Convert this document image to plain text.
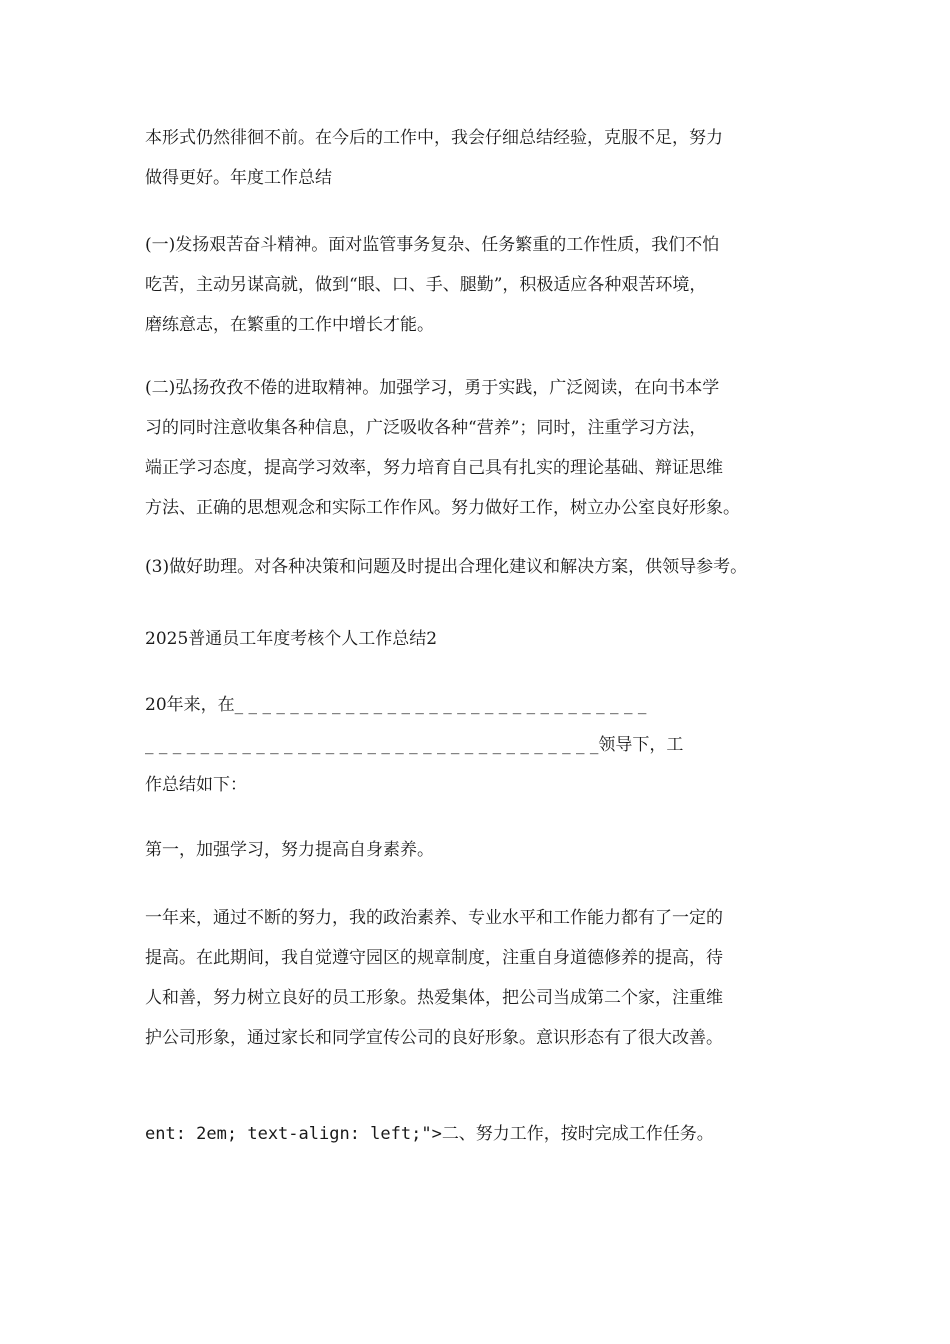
本形式仍然徘徊不前。在今后的工作中，我会仔细总结经验，克服不足，努力
做得更好。年度工作总结
(一)发扬艰苦奋斗精神。面对监管事务复杂、任务繁重的工作性质，我们不怕
吃苦，主动另谋高就，做到“眼、口、手、腿勤”，积极适应各种艰苦环境，
磨练意志，在繁重的工作中增长才能。
(二)弘扬孜孜不倦的进取精神。加强学习，勇于实践，广泛阅读，在向书本学
习的同时注意收集各种信息，广泛吸收各种“营养”；同时，注重学习方法，
端正学习态度，提高学习效率，努力培育自己具有扎实的理论基础、辩证思维
方法、正确的思想观念和实际工作作风。努力做好工作，树立办公室良好形象。
(3)做好助理。对各种决策和问题及时提出合理化建议和解决方案，供领导参考。
2025普通员工年度考核个人工作总结2
20年来，在_ _ _ _ _ _ _ _ _ _ _ _ _ _ _ _ _ _ _ _ _ _ _ _ _ _ _ _ _ _
_ _ _ _ _ _ _ _ _ _ _ _ _ _ _ _ _ _ _ _ _ _ _ _ _ _ _ _ _ _ _ _ _领导下，工
作总结如下：
第一，加强学习，努力提高自身素养。
一年来，通过不断的努力，我的政治素养、专业水平和工作能力都有了一定的
提高。在此期间，我自觉遵守园区的规章制度，注重自身道德修养的提高，待
人和善，努力树立良好的员工形象。热爱集体，把公司当成第二个家，注重维
护公司形象，通过家长和同学宣传公司的良好形象。意识形态有了很大改善。
ent: 2em; text-align: left;">二、努力工作，按时完成工作任务。
